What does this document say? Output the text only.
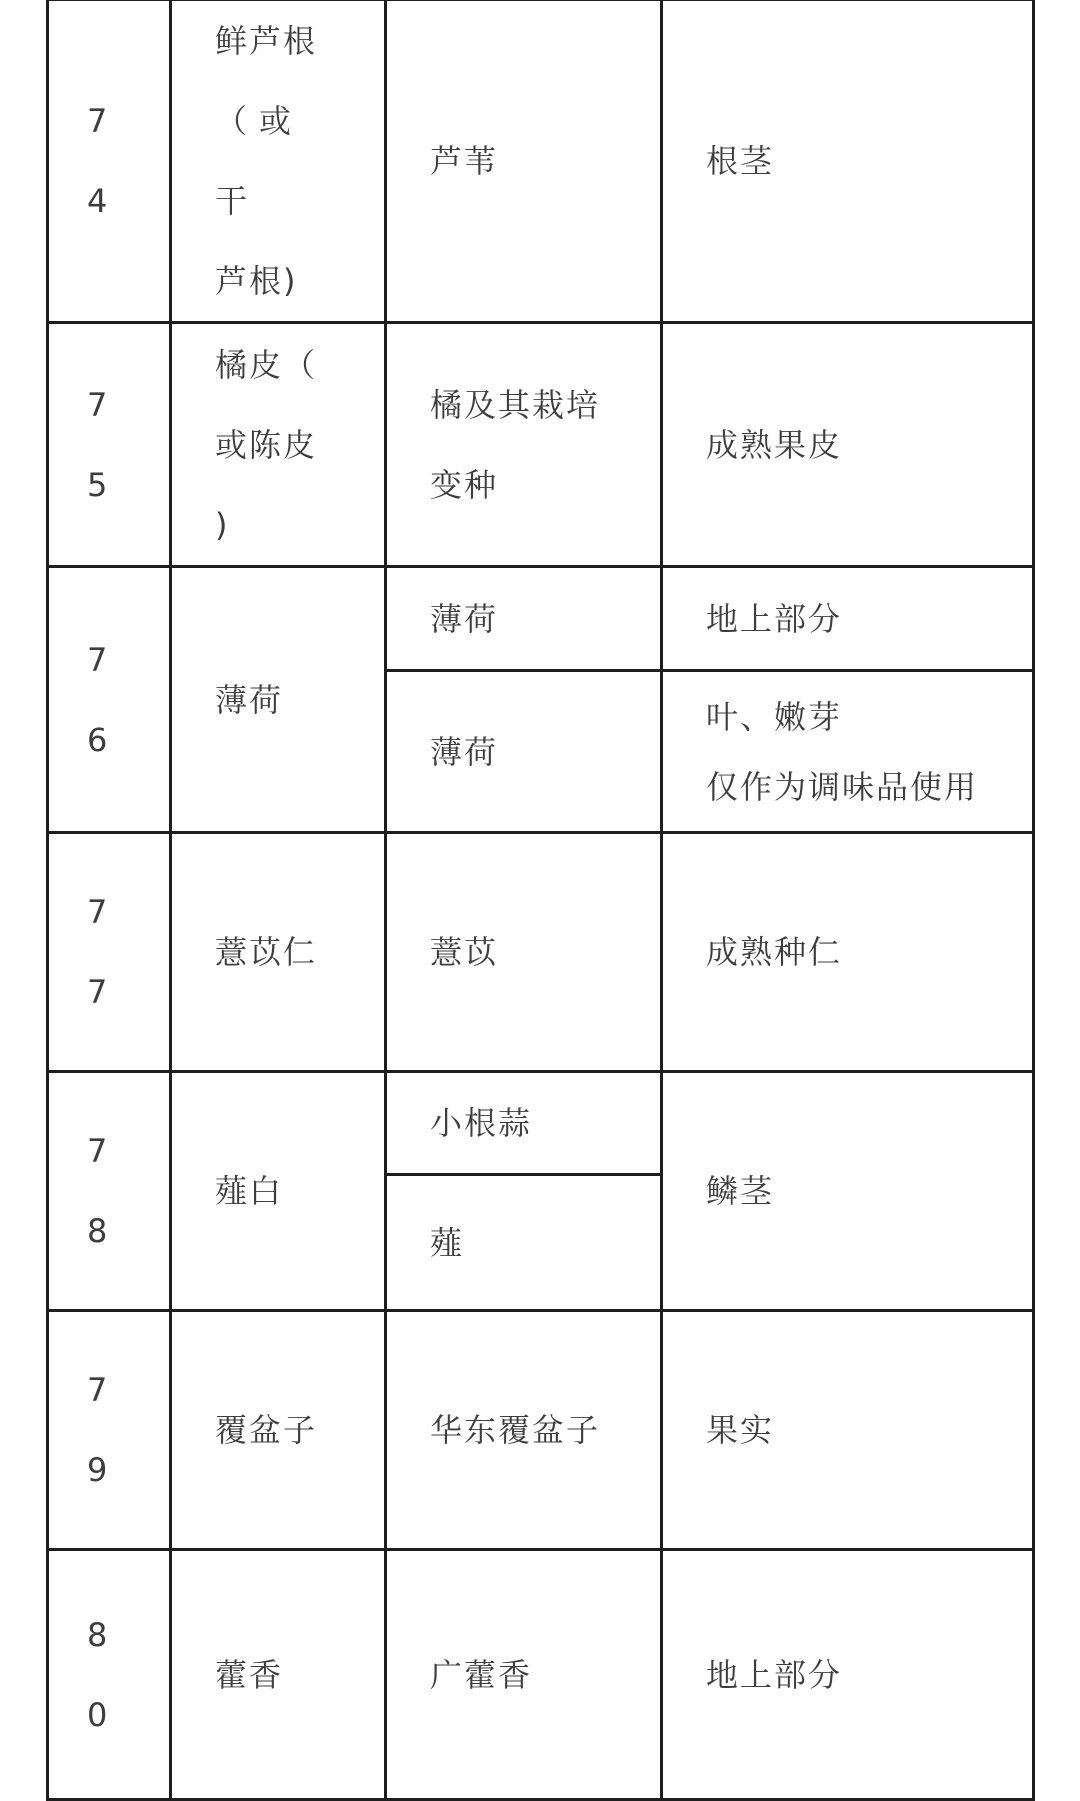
7
4	鲜芦根
（或干
芦根)	芦苇	根茎

7
5	橘皮（
或陈皮
)	橘及其栽培变种	成熟果皮

7
6	薄荷	薄荷	地上部分

		薄荷	叶、嫩芽
仅作为调味品使用

7
7	薏苡仁	薏苡	成熟种仁

7
8	薤白	小根蒜	鳞茎

		薤	

7
9	覆盆子	华东覆盆子	果实

8
0	藿香	广藿香	地上部分
